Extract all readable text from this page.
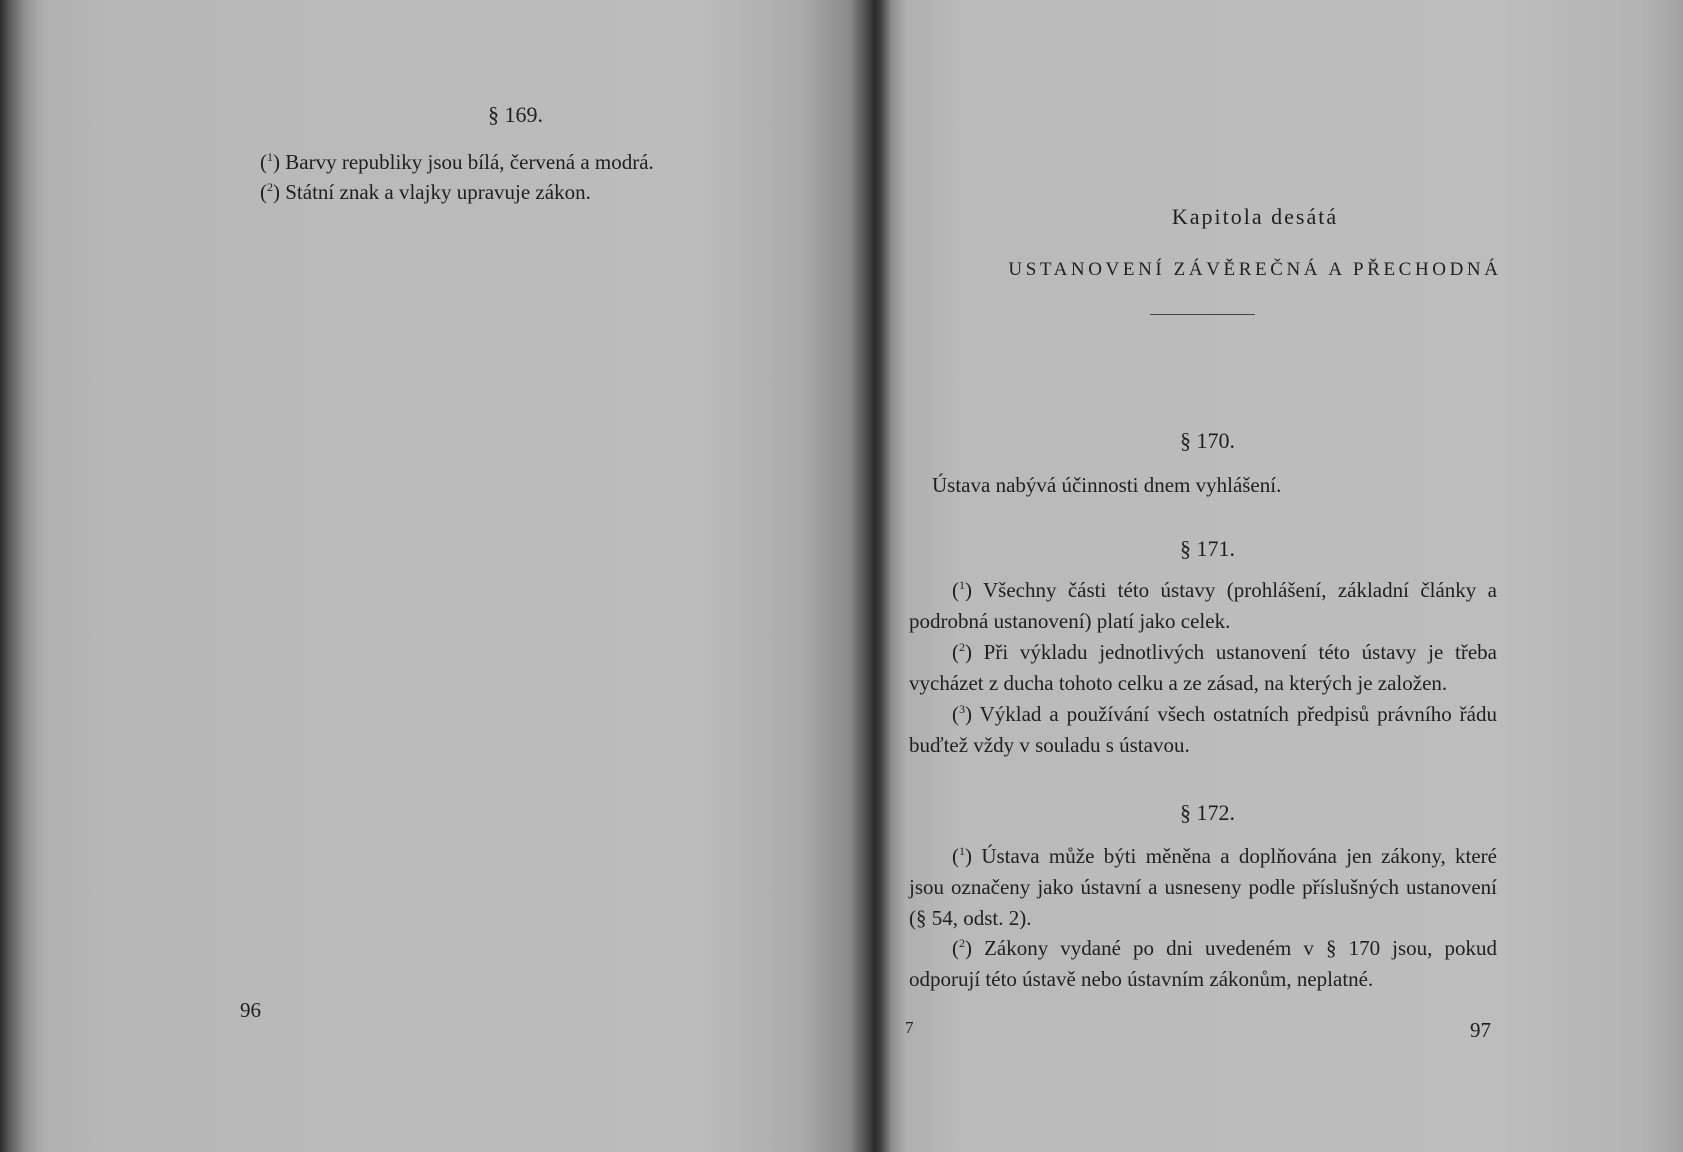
§ 169.
($^1$) Barvy republiky jsou bílá, červená a modrá.
($^2$) Státní znak a vlajky upravuje zákon.
96
Kapitola desátá
USTANOVENÍ ZÁVĚREČNÁ A PŘECHODNÁ
§ 170.
Ústava nabývá účinnosti dnem vyhlášení.
§ 171.
($^1$) Všechny části této ústavy (prohlášení, základní články a podrobná ustanovení) platí jako celek.
($^2$) Při výkladu jednotlivých ustanovení této ústavy je třeba vycházet z ducha tohoto celku a ze zásad, na kterých je založen.
($^3$) Výklad a používání všech ostatních předpisů právního řádu buďtež vždy v souladu s ústavou.
§ 172.
($^1$) Ústava může býti měněna a doplňována jen zákony, které jsou označeny jako ústavní a usneseny podle příslušných ustanovení (§ 54, odst. 2).
($^2$) Zákony vydané po dni uvedeném v § 170 jsou, pokud odporují této ústavě nebo ústavním zákonům, neplatné.
7	97
